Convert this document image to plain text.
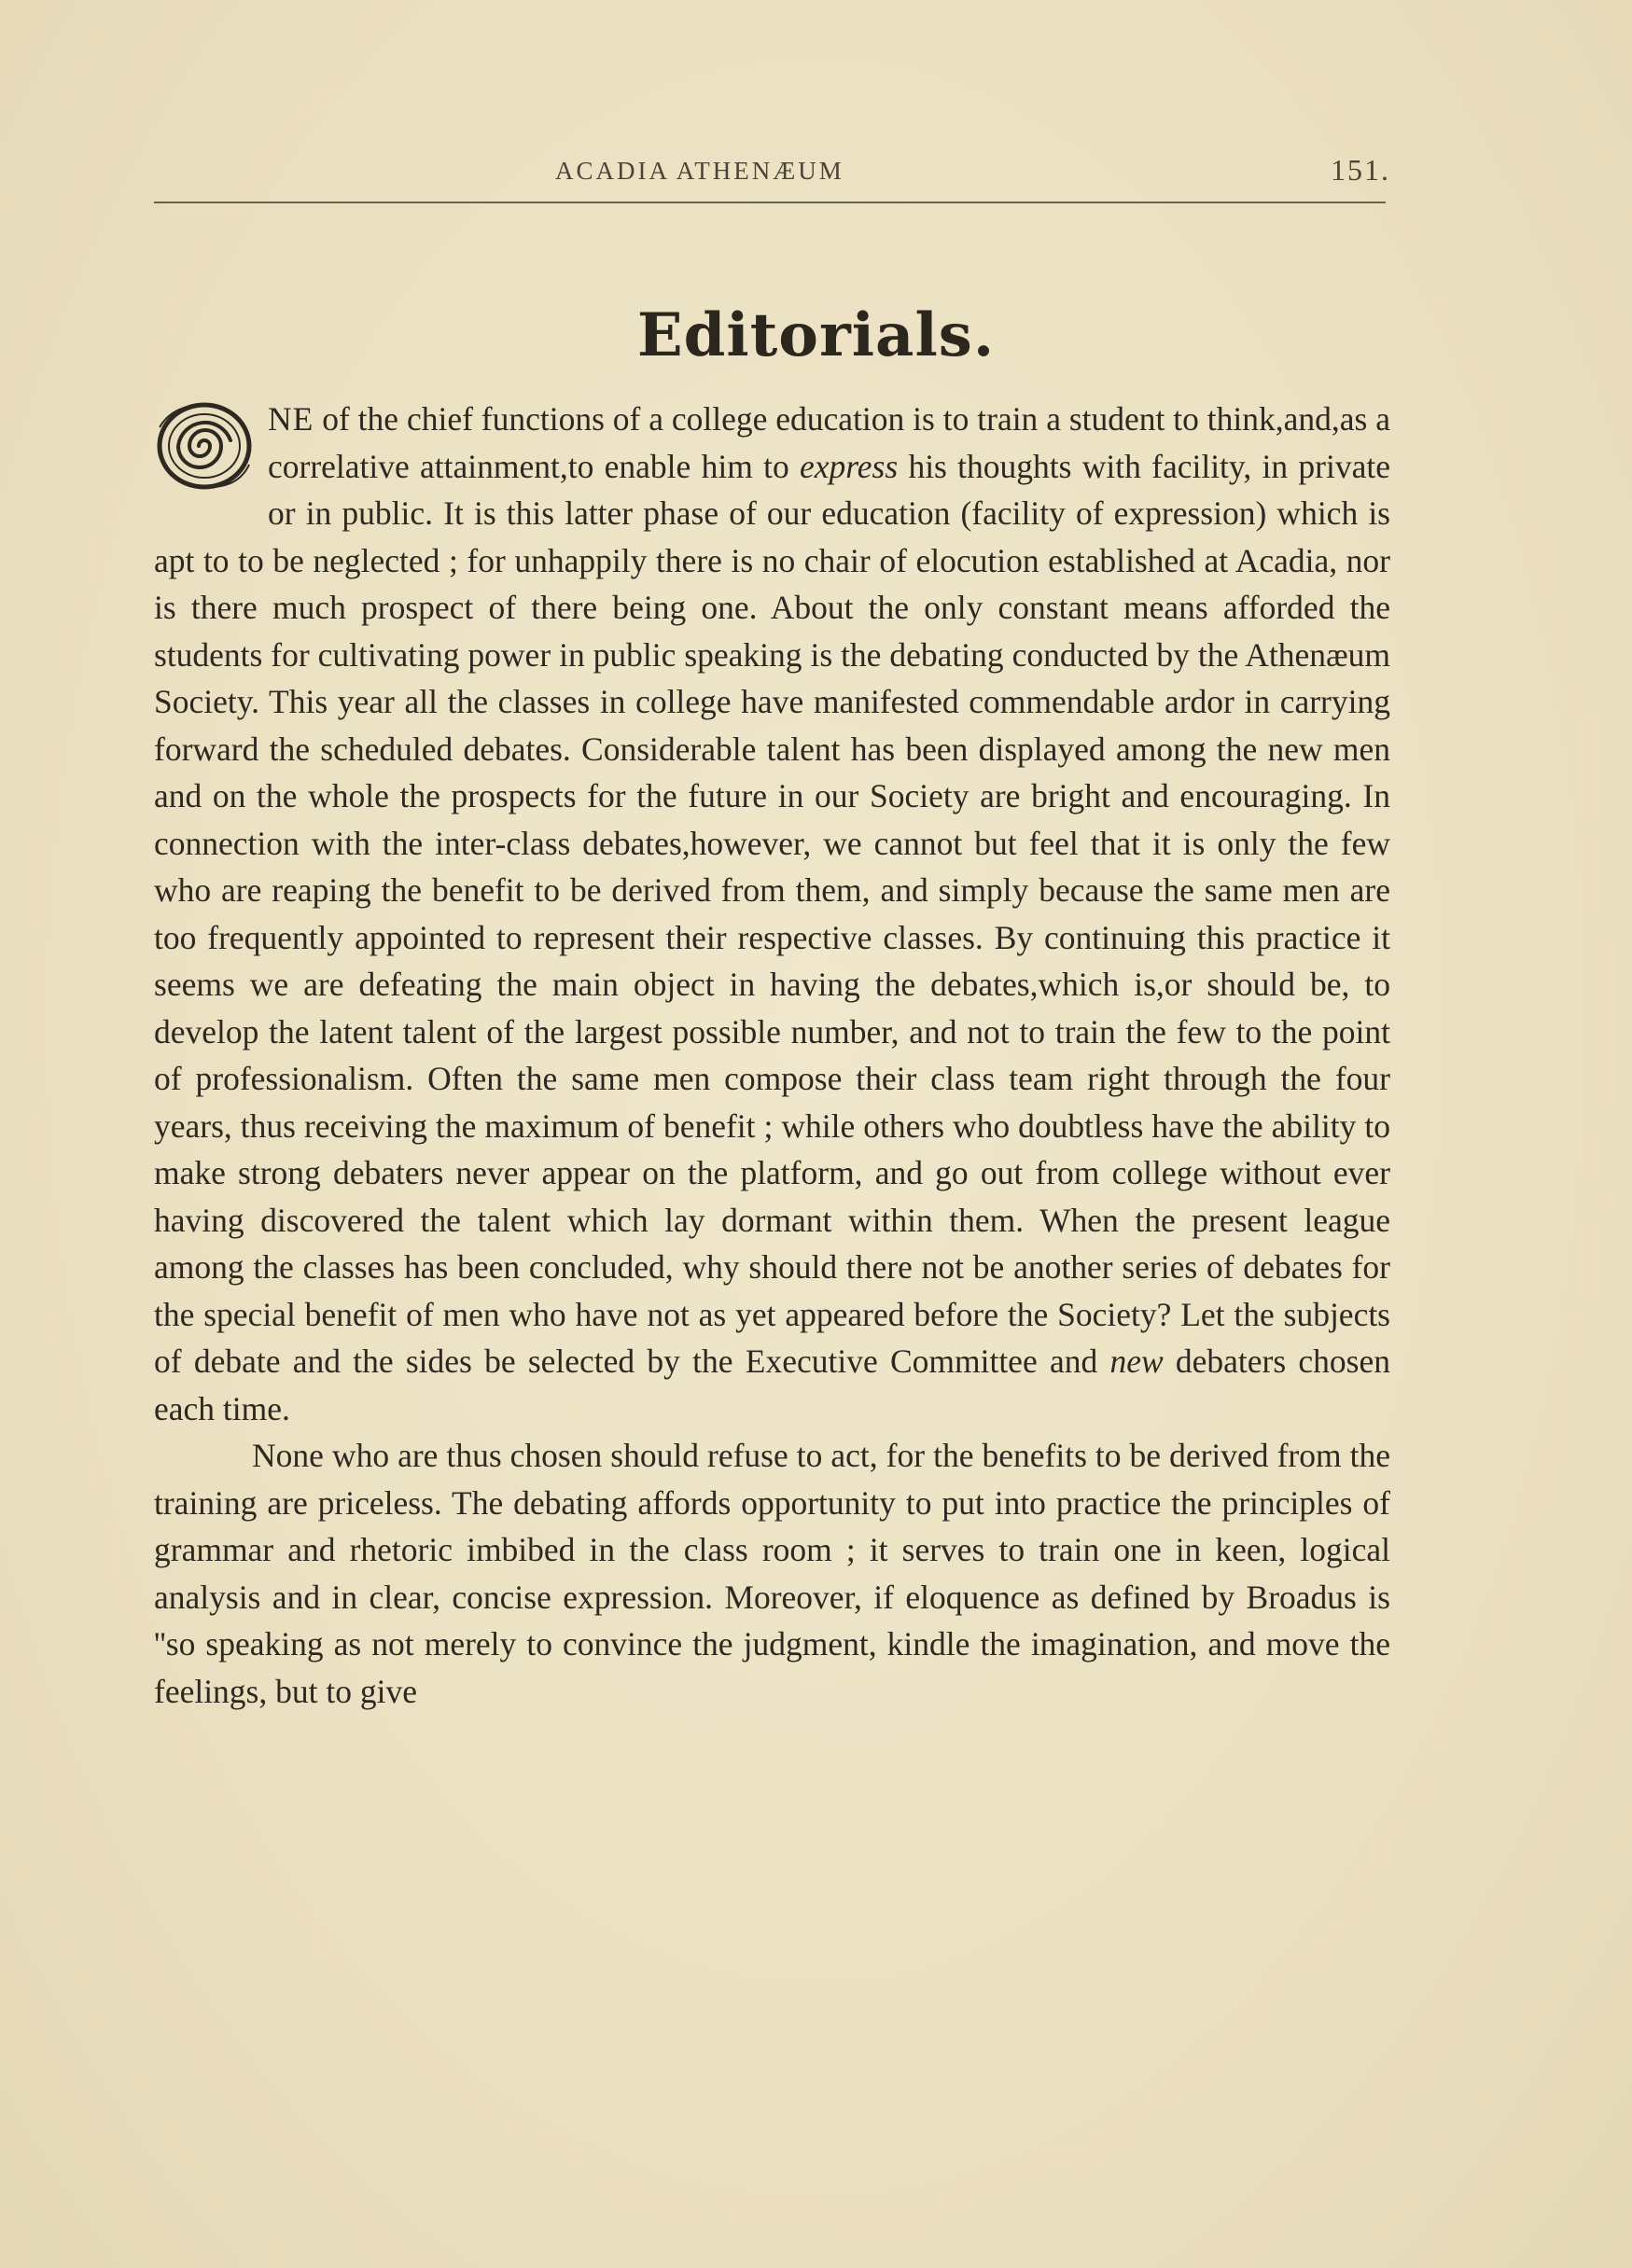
ACADIA ATHENÆUM	151.
Editorials.

NE of the chief functions of a college education is to train a student to think,and,as a correlative attainment,to enable him to express his thoughts with facility, in private or in public. It is this latter phase of our education (facility of expression) which is apt to to be neglected ; for unhappily there is no chair of elocution established at Acadia, nor is there much prospect of there being one. About the only constant means afforded the students for cultivating power in public speaking is the debating conducted by the Athenæum Society. This year all the classes in college have manifested commendable ardor in carrying forward the scheduled debates. Considerable talent has been displayed among the new men and on the whole the prospects for the future in our Society are bright and encouraging. In connection with the inter-class debates,however, we cannot but feel that it is only the few who are reaping the benefit to be derived from them, and simply because the same men are too frequently appointed to represent their respective classes. By continuing this practice it seems we are defeating the main object in having the debates,which is,or should be, to develop the latent talent of the largest possible number, and not to train the few to the point of professionalism. Often the same men compose their class team right through the four years, thus receiving the maximum of benefit ; while others who doubtless have the ability to make strong debaters never appear on the platform, and go out from college without ever having discovered the talent which lay dormant within them. When the present league among the classes has been concluded, why should there not be another series of debates for the special benefit of men who have not as yet appeared before the Society? Let the subjects of debate and the sides be selected by the Executive Committee and new debaters chosen each time.

None who are thus chosen should refuse to act, for the benefits to be derived from the training are priceless. The debating affords opportunity to put into practice the principles of grammar and rhetoric imbibed in the class room ; it serves to train one in keen, logical analysis and in clear, concise expression. Moreover, if eloquence as defined by Broadus is ''so speaking as not merely to convince the judgment, kindle the imagination, and move the feelings, but to give
